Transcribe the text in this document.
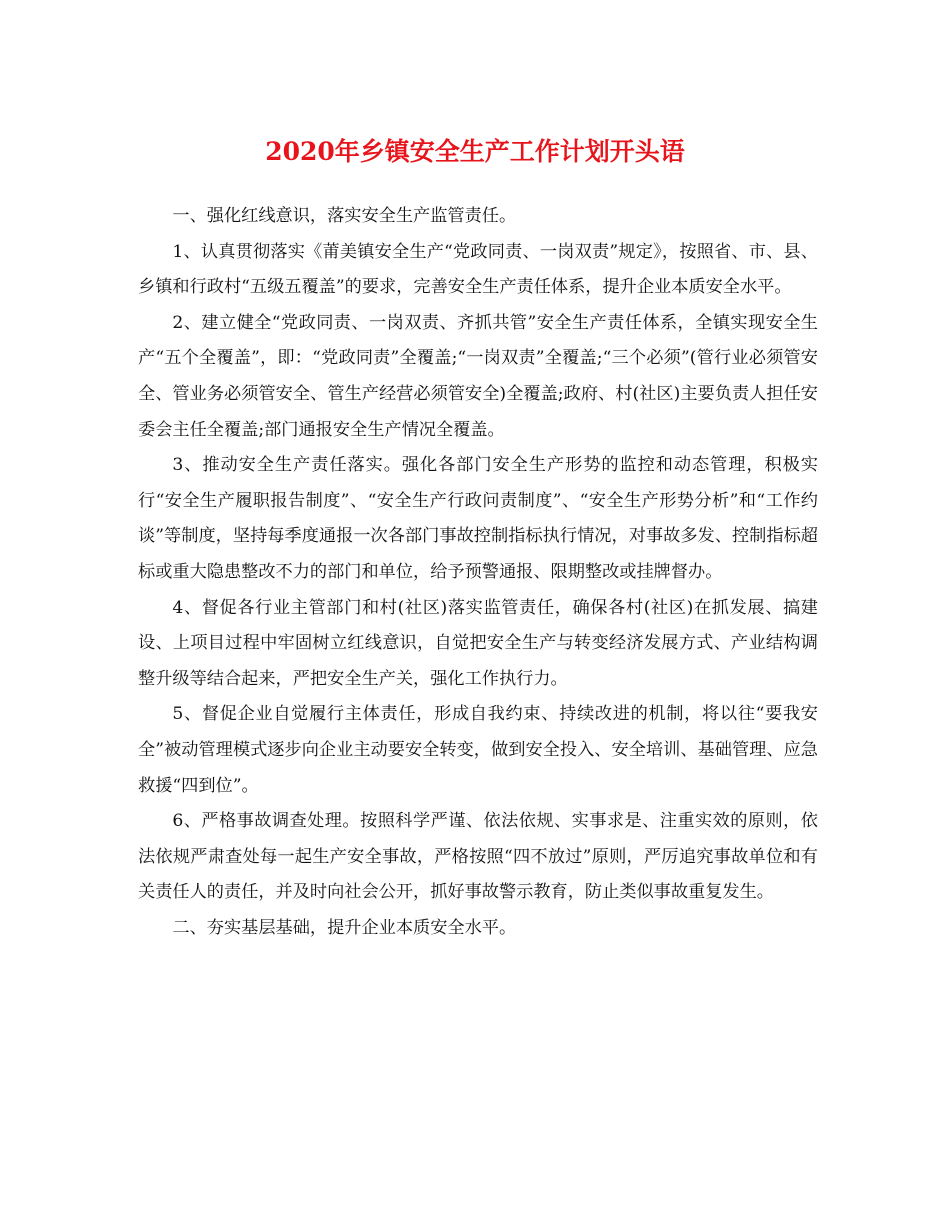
2020年乡镇安全生产工作计划开头语

一、强化红线意识，落实安全生产监管责任。

1、认真贯彻落实《莆美镇安全生产“党政同责、一岗双责”规定》，按照省、市、县、乡镇和行政村“五级五覆盖”的要求，完善安全生产责任体系，提升企业本质安全水平。

2、建立健全“党政同责、一岗双责、齐抓共管”安全生产责任体系，全镇实现安全生产“五个全覆盖”，即：“党政同责”全覆盖;“一岗双责”全覆盖;“三个必须”(管行业必须管安全、管业务必须管安全、管生产经营必须管安全)全覆盖;政府、村(社区)主要负责人担任安委会主任全覆盖;部门通报安全生产情况全覆盖。

3、推动安全生产责任落实。强化各部门安全生产形势的监控和动态管理，积极实行“安全生产履职报告制度”、“安全生产行政问责制度”、“安全生产形势分析”和“工作约谈”等制度，坚持每季度通报一次各部门事故控制指标执行情况，对事故多发、控制指标超标或重大隐患整改不力的部门和单位，给予预警通报、限期整改或挂牌督办。

4、督促各行业主管部门和村(社区)落实监管责任，确保各村(社区)在抓发展、搞建设、上项目过程中牢固树立红线意识，自觉把安全生产与转变经济发展方式、产业结构调整升级等结合起来，严把安全生产关，强化工作执行力。

5、督促企业自觉履行主体责任，形成自我约束、持续改进的机制，将以往“要我安全”被动管理模式逐步向企业主动要安全转变，做到安全投入、安全培训、基础管理、应急救援“四到位”。

6、严格事故调查处理。按照科学严谨、依法依规、实事求是、注重实效的原则，依法依规严肃查处每一起生产安全事故，严格按照“四不放过”原则，严厉追究事故单位和有关责任人的责任，并及时向社会公开，抓好事故警示教育，防止类似事故重复发生。

二、夯实基层基础，提升企业本质安全水平。
